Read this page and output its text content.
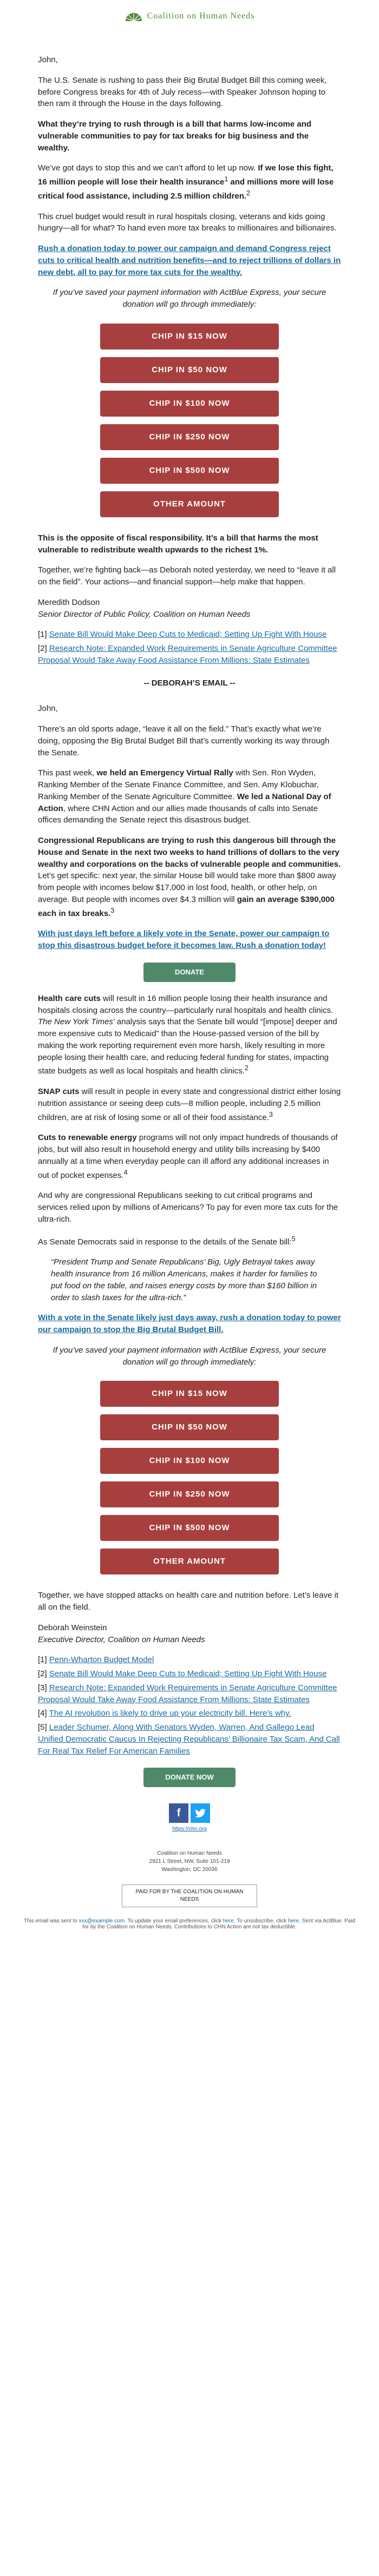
Coalition on Human Needs

John,

The U.S. Senate is rushing to pass their Big Brutal Budget Bill this coming week, before Congress breaks for 4th of July recess—with Speaker Johnson hoping to then ram it through the House in the days following.

What they’re trying to rush through is a bill that harms low-income and vulnerable communities to pay for tax breaks for big business and the wealthy.

We’ve got days to stop this and we can’t afford to let up now. If we lose this fight, 16 million people will lose their health insurance$^1$ and millions more will lose critical food assistance, including 2.5 million children.$^2$

This cruel budget would result in rural hospitals closing, veterans and kids going hungry—all for what? To hand even more tax breaks to millionaires and billionaires.

Rush a donation today to power our campaign and demand Congress reject cuts to critical health and nutrition benefits—and to reject trillions of dollars in new debt, all to pay for more tax cuts for the wealthy.

If you’ve saved your payment information with ActBlue Express, your secure donation will go through immediately:

CHIP IN $15 NOW
CHIP IN $50 NOW
CHIP IN $100 NOW
CHIP IN $250 NOW
CHIP IN $500 NOW
OTHER AMOUNT

This is the opposite of fiscal responsibility. It’s a bill that harms the most vulnerable to redistribute wealth upwards to the richest 1%.

Together, we’re fighting back—as Deborah noted yesterday, we need to “leave it all on the field”. Your actions—and financial support—help make that happen.

Meredith Dodson

Senior Director of Public Policy, Coalition on Human Needs

[1] Senate Bill Would Make Deep Cuts to Medicaid; Setting Up Fight With House

[2] Research Note: Expanded Work Requirements in Senate Agriculture Committee Proposal Would Take Away Food Assistance From Millions: State Estimates

-- DEBORAH’S EMAIL --

John,

There’s an old sports adage, “leave it all on the field.” That’s exactly what we’re doing, opposing the Big Brutal Budget Bill that’s currently working its way through the Senate.

This past week, we held an Emergency Virtual Rally with Sen. Ron Wyden, Ranking Member of the Senate Finance Committee, and Sen. Amy Klobuchar, Ranking Member of the Senate Agriculture Committee. We led a National Day of Action, where CHN Action and our allies made thousands of calls into Senate offices demanding the Senate reject this disastrous budget.

Congressional Republicans are trying to rush this dangerous bill through the House and Senate in the next two weeks to hand trillions of dollars to the very wealthy and corporations on the backs of vulnerable people and communities. Let’s get specific: next year, the similar House bill would take more than $800 away from people with incomes below $17,000 in lost food, health, or other help, on average. But people with incomes over $4.3 million will gain an average $390,000 each in tax breaks.$^3$

With just days left before a likely vote in the Senate, power our campaign to stop this disastrous budget before it becomes law. Rush a donation today!

DONATE

Health care cuts will result in 16 million people losing their health insurance and hospitals closing across the country—particularly rural hospitals and health clinics. The New York Times’ analysis says that the Senate bill would “[impose] deeper and more expensive cuts to Medicaid” than the House-passed version of the bill by making the work reporting requirement even more harsh, likely resulting in more people losing their health care, and reducing federal funding for states, impacting state budgets as well as local hospitals and health clinics.$^2$

SNAP cuts will result in people in every state and congressional district either losing nutrition assistance or seeing deep cuts—8 million people, including 2.5 million children, are at risk of losing some or all of their food assistance.$^3$

Cuts to renewable energy programs will not only impact hundreds of thousands of jobs, but will also result in household energy and utility bills increasing by $400 annually at a time when everyday people can ill afford any additional increases in out of pocket expenses.$^4$

And why are congressional Republicans seeking to cut critical programs and services relied upon by millions of Americans? To pay for even more tax cuts for the ultra-rich.

As Senate Democrats said in response to the details of the Senate bill:$^5$

“President Trump and Senate Republicans’ Big, Ugly Betrayal takes away health insurance from 16 million Americans, makes it harder for families to put food on the table, and raises energy costs by more than $160 billion in order to slash taxes for the ultra-rich.”

With a vote in the Senate likely just days away, rush a donation today to power our campaign to stop the Big Brutal Budget Bill.

If you’ve saved your payment information with ActBlue Express, your secure donation will go through immediately:

CHIP IN $15 NOW
CHIP IN $50 NOW
CHIP IN $100 NOW
CHIP IN $250 NOW
CHIP IN $500 NOW
OTHER AMOUNT

Together, we have stopped attacks on health care and nutrition before. Let’s leave it all on the field.

Deborah Weinstein

Executive Director, Coalition on Human Needs

[1] Penn-Wharton Budget Model

[2] Senate Bill Would Make Deep Cuts to Medicaid; Setting Up Fight With House

[3] Research Note: Expanded Work Requirements in Senate Agriculture Committee Proposal Would Take Away Food Assistance From Millions: State Estimates

[4] The AI revolution is likely to drive up your electricity bill. Here’s why.

[5] Leader Schumer, Along With Senators Wyden, Warren, And Gallego Lead Unified Democratic Caucus In Rejecting Republicans’ Billionaire Tax Scam, And Call For Real Tax Relief For American Families

DONATE NOW
f
https://chn.org
Coalition on Human Needs
2921 L Street, NW, Suite 101-219
Washington, DC 20036
PAID FOR BY THE COALITION ON HUMAN NEEDS
This email was sent to xxx@example.com. To update your email preferences, click here. To unsubscribe, click here. Sent via ActBlue. Paid for by the Coalition on Human Needs. Contributions to CHN Action are not tax deductible.
